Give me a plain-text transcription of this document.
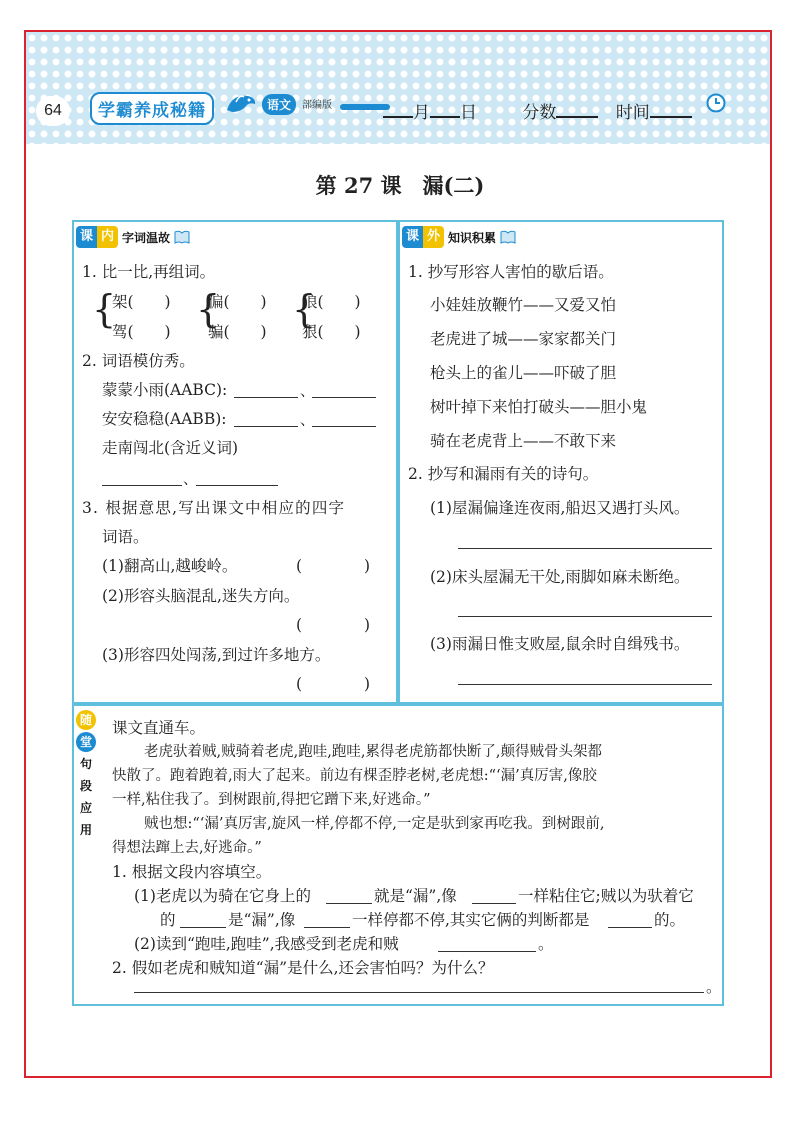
64	学霸养成秘籍	语文	部编版	月 日	分数	时间
第 27 课　漏(二)
课 内 字词温故
1. 比一比,再组词。
{
架(　　)
驾(　　)
{
偏(　　)
骗(　　)
{
狼(　　)
狠(　　)
2. 词语模仿秀。
蒙蒙小雨(AABC):	、
安安稳稳(AABB):	、
走南闯北(含近义词)
、
3. 根据意思,写出课文中相应的四字
词语。
(1)翻高山,越峻岭。	(　　　　)
(2)形容头脑混乱,迷失方向。
(　　　　)
(3)形容四处闯荡,到过许多地方。
(　　　　)
课 外 知识积累
1. 抄写形容人害怕的歇后语。
小娃娃放鞭竹——又爱又怕
老虎进了城——家家都关门
枪头上的雀儿——吓破了胆
树叶掉下来怕打破头——胆小鬼
骑在老虎背上——不敢下来
2. 抄写和漏雨有关的诗句。
(1)屋漏偏逢连夜雨,船迟又遇打头风。
(2)床头屋漏无干处,雨脚如麻未断绝。
(3)雨漏日惟支败屋,鼠余时自缉残书。
随
堂
句
段
应
用
课文直通车。
老虎驮着贼,贼骑着老虎,跑哇,跑哇,累得老虎筋都快断了,颠得贼骨头架都
快散了。跑着跑着,雨大了起来。前边有棵歪脖老树,老虎想:“‘漏’真厉害,像胶
一样,粘住我了。到树跟前,得把它蹭下来,好逃命。”
贼也想:“‘漏’真厉害,旋风一样,停都不停,一定是驮到家再吃我。到树跟前,
得想法蹿上去,好逃命。”
1. 根据文段内容填空。
(1)老虎以为骑在它身上的	就是“漏”,像	一样粘住它;贼以为驮着它
的	是“漏”,像	一样停都不停,其实它俩的判断都是	的。
(2)读到“跑哇,跑哇”,我感受到老虎和贼	。
2. 假如老虎和贼知道“漏”是什么,还会害怕吗？为什么？
。
